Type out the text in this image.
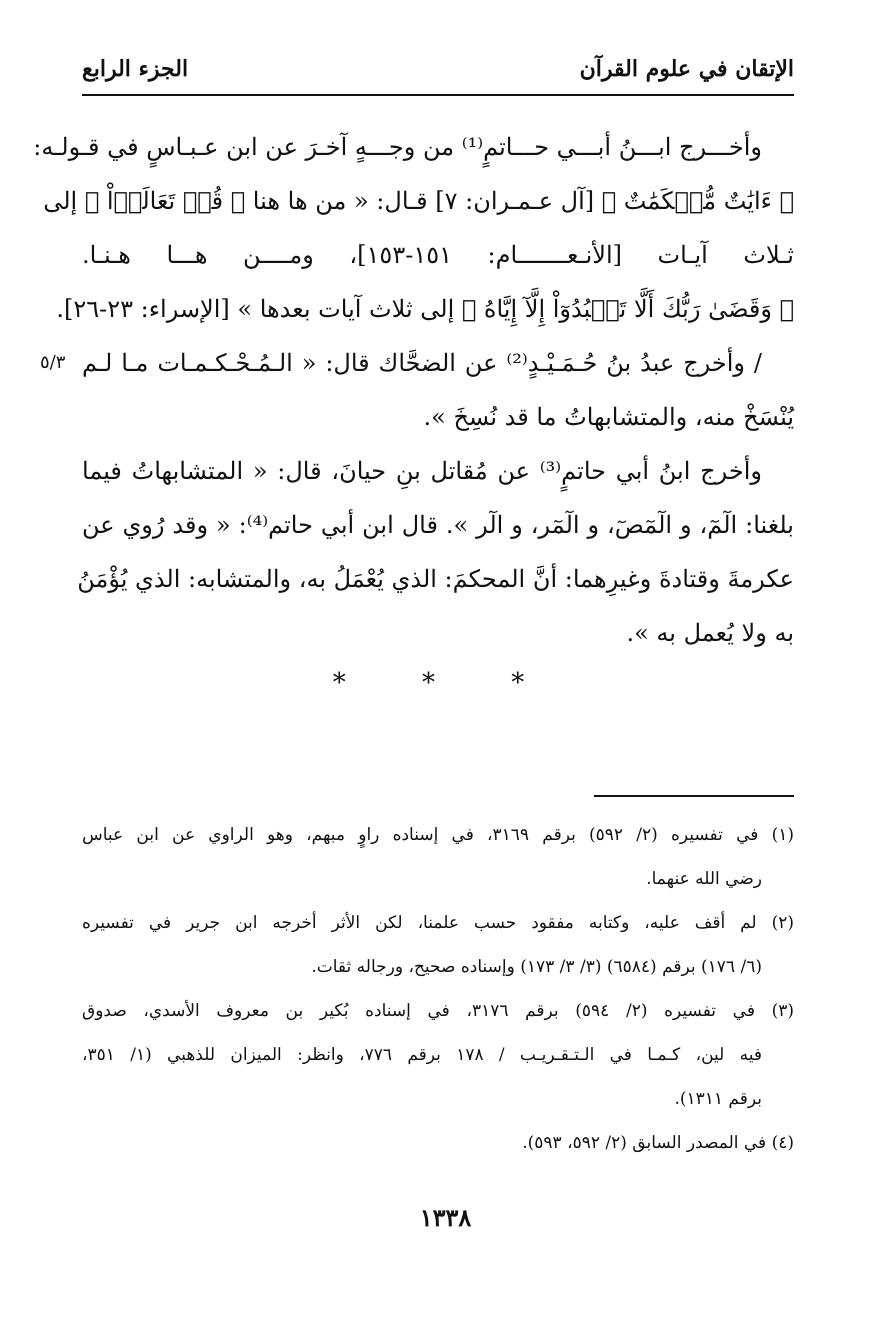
الإتقان في علوم القرآن
الجزء الرابع
وأخـــرج ابـــنُ أبـــي حـــاتمٍ⁽¹⁾ من وجـــهٍ آخـرَ عن ابن عـبـاسٍ في قـولـه:
﴿ ءَايَٰتٌ مُّحۡكَمَٰتٌ ﴾ [آل عـمـران: ٧] قـال: « من ها هنا ﴿ قُلۡ تَعَالَوۡاْ ﴾ إلى
ثـلاث آيـات [الأنـعـــــــام: ١٥١-١٥٣]، ومــــن هـــا هـنـا.
﴿ وَقَضَىٰ رَبُّكَ أَلَّا تَعۡبُدُوٓاْ إِلَّآ إِيَّاهُ ﴾ إلى ثلاث آيات بعدها » [الإسراء: ٢٣-٢٦].
٥/٣ / وأخرج عبدُ بنُ حُـمَـيْـدٍ⁽²⁾ عن الضحَّاك قال: « الـمُـحْـكـمـات مـا لـم
يُنْسَخْ منه، والمتشابهاتُ ما قد نُسِخَ ».
وأخرج ابنُ أبي حاتمٍ⁽³⁾ عن مُقاتل بنِ حيانَ، قال: « المتشابهاتُ فيما
بلغنا: الٓمٓ، و الٓمٓصٓ، و الٓمٓر، و الٓر ». قال ابن أبي حاتم⁽⁴⁾: « وقد رُوي عن
عكرمةَ وقتادةَ وغيرِهما: أنَّ المحكمَ: الذي يُعْمَلُ به، والمتشابه: الذي يُؤْمَنُ
به ولا يُعمل به ».
* * *
(١) في تفسيره (٢/ ٥٩٢) برقم ٣١٦٩، في إسناده راوٍ مبهم، وهو الراوي عن ابن عباس
رضي الله عنهما.
(٢) لم أقف عليه، وكتابه مفقود حسب علمنا، لكن الأثر أخرجه ابن جرير في تفسيره
(٦/ ١٧٦) برقم (٦٥٨٤) (٣/ ٣/ ١٧٣) وإسناده صحيح، ورجاله ثقات.
(٣) في تفسيره (٢/ ٥٩٤) برقم ٣١٧٦، في إسناده بُكير بن معروف الأسدي، صدوق
فيه لين، كـمـا في الـتـقـريـب / ١٧٨ برقم ٧٧٦، وانظر: الميزان للذهبي (١/ ٣٥١،
برقم ١٣١١).
(٤) في المصدر السابق (٢/ ٥٩٢، ٥٩٣).
١٣٣٨
